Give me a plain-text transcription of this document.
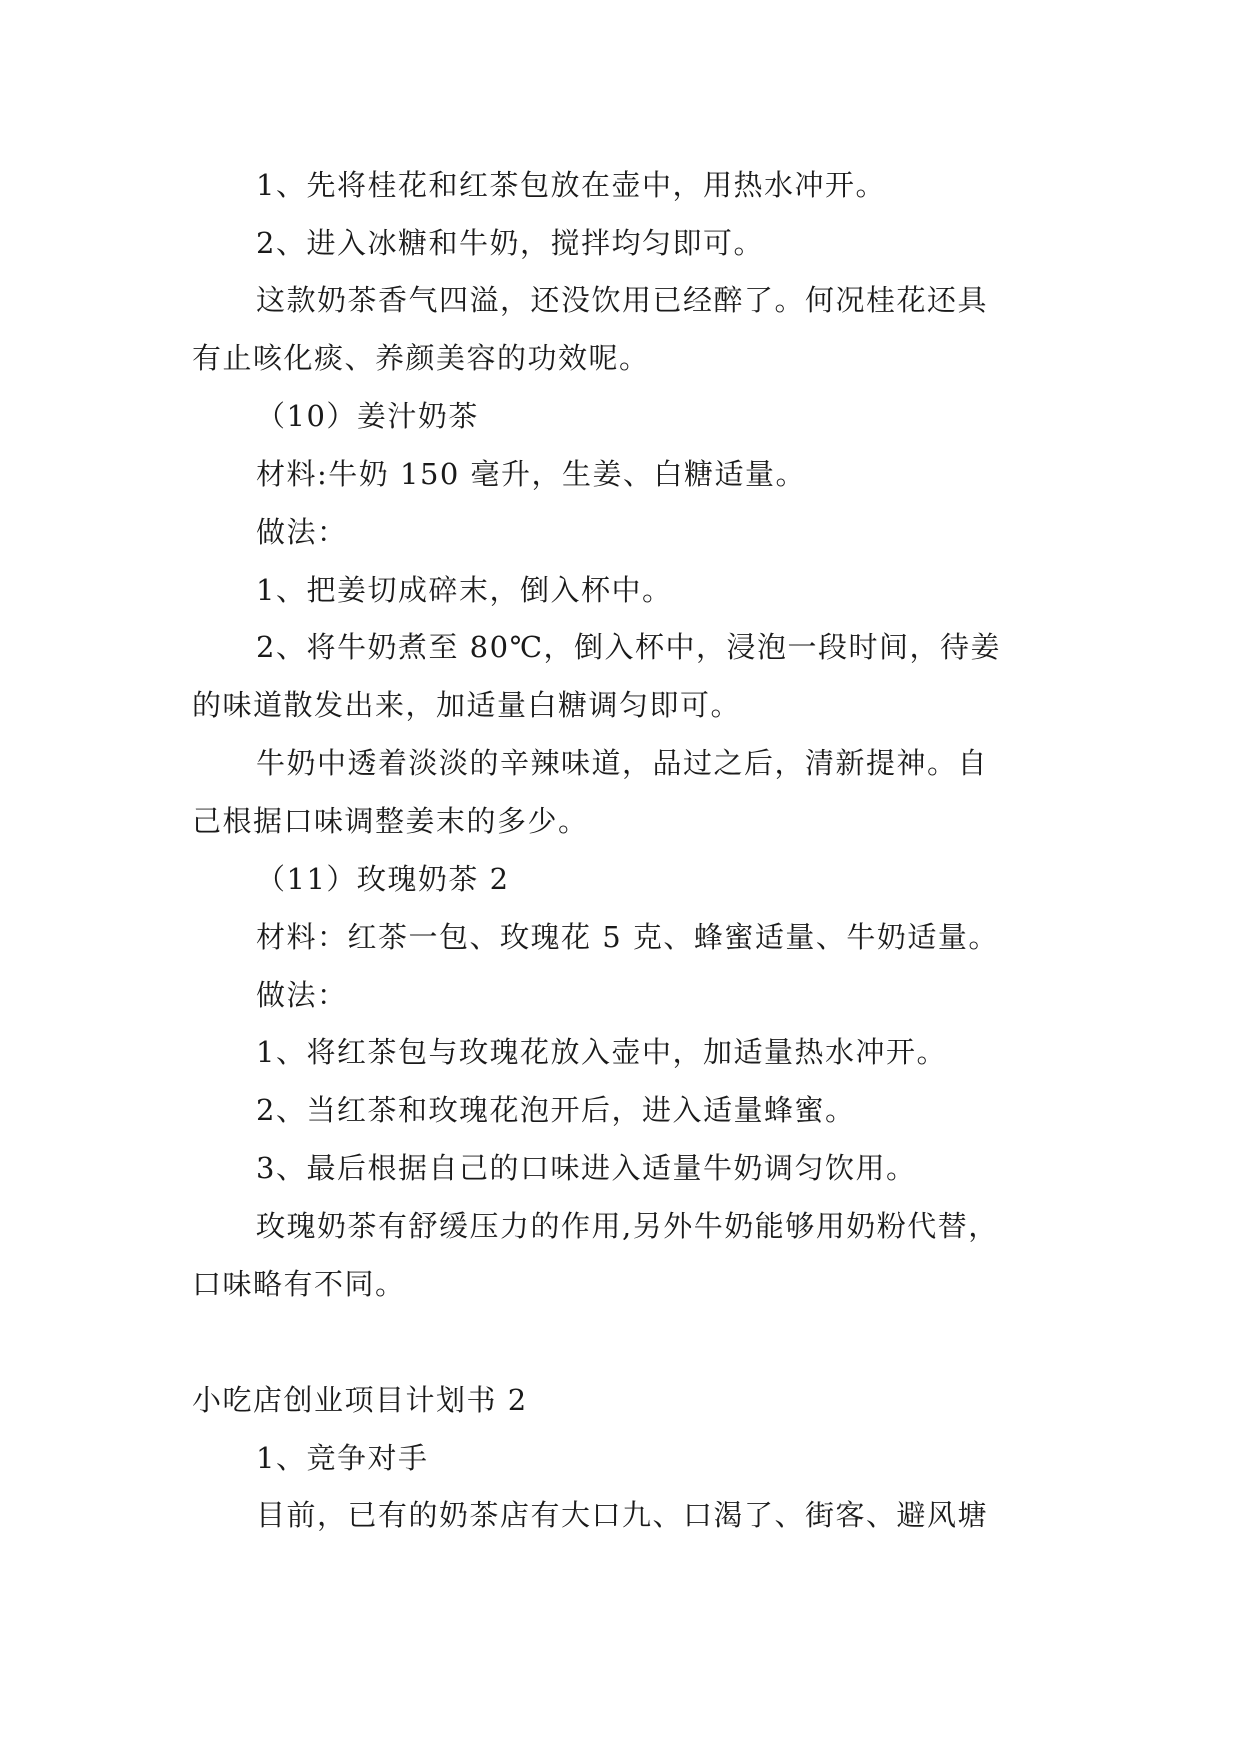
1、先将桂花和红茶包放在壶中，用热水冲开。
2、进入冰糖和牛奶，搅拌均匀即可。
这款奶茶香气四溢，还没饮用已经醉了。何况桂花还具
有止咳化痰、养颜美容的功效呢。
（10）姜汁奶茶
材料:牛奶 150 毫升，生姜、白糖适量。
做法：
1、把姜切成碎末，倒入杯中。
2、将牛奶煮至 80℃，倒入杯中，浸泡一段时间，待姜
的味道散发出来，加适量白糖调匀即可。
牛奶中透着淡淡的辛辣味道，品过之后，清新提神。自
己根据口味调整姜末的多少。
（11）玫瑰奶茶 2
材料：红茶一包、玫瑰花 5 克、蜂蜜适量、牛奶适量。
做法：
1、将红茶包与玫瑰花放入壶中，加适量热水冲开。
2、当红茶和玫瑰花泡开后，进入适量蜂蜜。
3、最后根据自己的口味进入适量牛奶调匀饮用。
玫瑰奶茶有舒缓压力的作用,另外牛奶能够用奶粉代替，
口味略有不同。
小吃店创业项目计划书 2
1、竞争对手
目前，已有的奶茶店有大口九、口渴了、街客、避风塘
